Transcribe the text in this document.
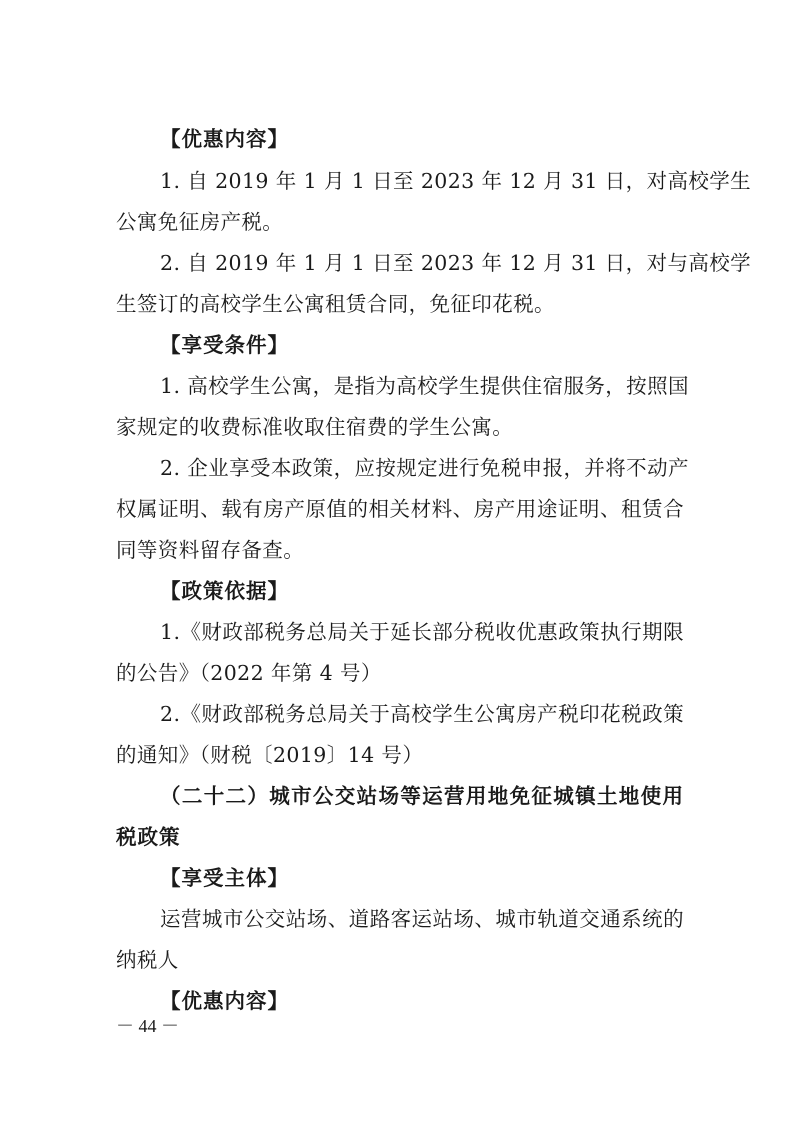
【优惠内容】
1. 自 2019 年 1 月 1 日至 2023 年 12 月 31 日，对高校学生
公寓免征房产税。
2. 自 2019 年 1 月 1 日至 2023 年 12 月 31 日，对与高校学
生签订的高校学生公寓租赁合同，免征印花税。
【享受条件】
1. 高校学生公寓，是指为高校学生提供住宿服务，按照国
家规定的收费标准收取住宿费的学生公寓。
2. 企业享受本政策，应按规定进行免税申报，并将不动产
权属证明、载有房产原值的相关材料、房产用途证明、租赁合
同等资料留存备查。
【政策依据】
1.《财政部税务总局关于延长部分税收优惠政策执行期限
的公告》（2022 年第 4 号）
2.《财政部税务总局关于高校学生公寓房产税印花税政策
的通知》（财税〔2019〕14 号）
（二十二）城市公交站场等运营用地免征城镇土地使用
税政策
【享受主体】
运营城市公交站场、道路客运站场、城市轨道交通系统的
纳税人
【优惠内容】
－ 44 －
